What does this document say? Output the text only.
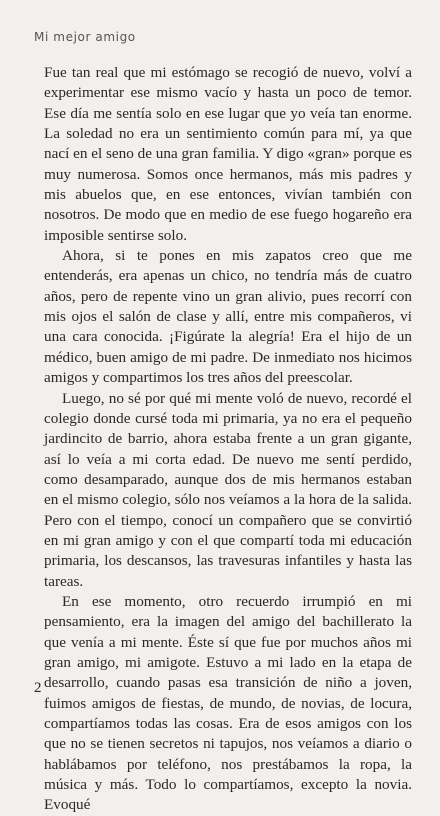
Mi mejor amigo

Fue tan real que mi estómago se recogió de nuevo, volví a experimentar ese mismo vacío y hasta un poco de temor. Ese día me sentía solo en ese lugar que yo veía tan enorme. La soledad no era un sentimiento común para mí, ya que nací en el seno de una gran familia. Y digo «gran» porque es muy numerosa. Somos once hermanos, más mis padres y mis abuelos que, en ese entonces, vivían también con nosotros. De modo que en medio de ese fuego hogareño era imposible sentirse solo.

Ahora, si te pones en mis zapatos creo que me entenderás, era apenas un chico, no tendría más de cuatro años, pero de repente vino un gran alivio, pues recorrí con mis ojos el salón de clase y allí, entre mis compañeros, vi una cara conocida. ¡Figúrate la alegría! Era el hijo de un médico, buen amigo de mi padre. De inmediato nos hicimos amigos y compartimos los tres años del preescolar.

Luego, no sé por qué mi mente voló de nuevo, recordé el colegio donde cursé toda mi primaria, ya no era el pequeño jardincito de barrio, ahora estaba frente a un gran gigante, así lo veía a mi corta edad. De nuevo me sentí perdido, como desamparado, aunque dos de mis hermanos estaban en el mismo colegio, sólo nos veíamos a la hora de la salida. Pero con el tiempo, conocí un compañero que se convirtió en mi gran amigo y con el que compartí toda mi educación primaria, los descansos, las travesuras infantiles y hasta las tareas.

En ese momento, otro recuerdo irrumpió en mi pensamiento, era la imagen del amigo del bachillerato la que venía a mi mente. Éste sí que fue por muchos años mi gran amigo, mi amigote. Estuvo a mi lado en la etapa de desarrollo, cuando pasas esa transición de niño a joven, fuimos amigos de fiestas, de mundo, de novias, de locura, compartíamos todas las cosas. Era de esos amigos con los que no se tienen secretos ni tapujos, nos veíamos a diario o hablábamos por teléfono, nos prestábamos la ropa, la música y más. Todo lo compartíamos, excepto la novia. Evoqué

2
